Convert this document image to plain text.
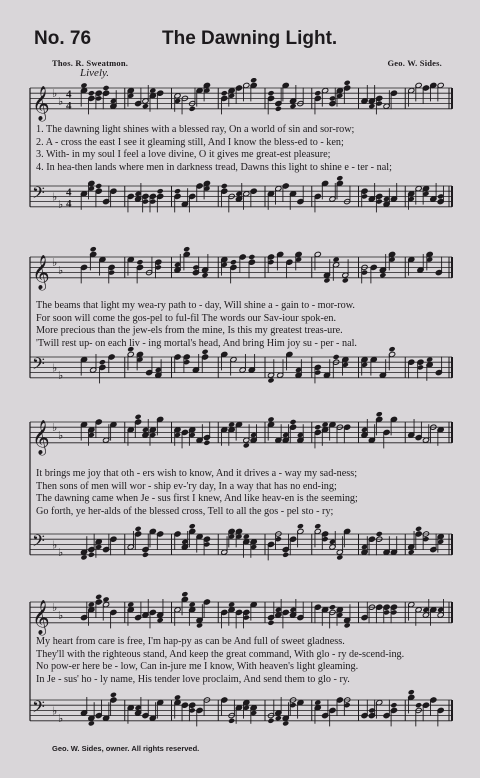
No. 76	The Dawning Light.
Thos. R. Sweatmon.	Geo. W. Sides.
Lively.
𝄞 ♭
♭
4
4
𝄢 ♭
♭
4
4
1. The dawning light shines with a blessed ray, On a world of sin and sor-row;
2. A - cross the east I see it gleaming still, And I know the bless-ed to - ken;
3. With- in my soul I feel a love divine, O it gives me great-est pleasure;
4. In hea-then lands where men in darkness tread, Dawns this light to shine e - ter - nal;
𝄞 ♭
♭
𝄢 ♭
♭
The beams that light my wea-ry path to - day, Will shine a - gain to - mor-row.
For soon will come the gos-pel to ful-fil The words our Sav-iour spok-en.
More precious than the jew-els from the mine, Is this my greatest treas-ure.
'Twill rest up- on each liv - ing mortal's head, And bring Him joy su - per - nal.
𝄞 ♭
♭
𝄢 ♭
♭
It brings me joy that oth - ers wish to know, And it drives a - way my sad-ness;
Then sons of men will wor - ship ev-'ry day, In a way that has no end-ing;
The dawning came when Je - sus first I knew, And like heav-en is the seeming;
Go forth, ye her-alds of the blessed cross, Tell to all the gos - pel sto - ry;
𝄞 ♭
♭
𝄢 ♭
♭
My heart from care is free, I'm hap-py as can be And full of sweet gladness.
They'll with the righteous stand, And keep the great command, With glo - ry de-scend-ing.
No pow-er here be - low, Can in-jure me I know, With heaven's light gleaming.
In Je - sus' ho - ly name, His tender love proclaim, And send them to glo - ry.
Geo. W. Sides, owner. All rights reserved.
